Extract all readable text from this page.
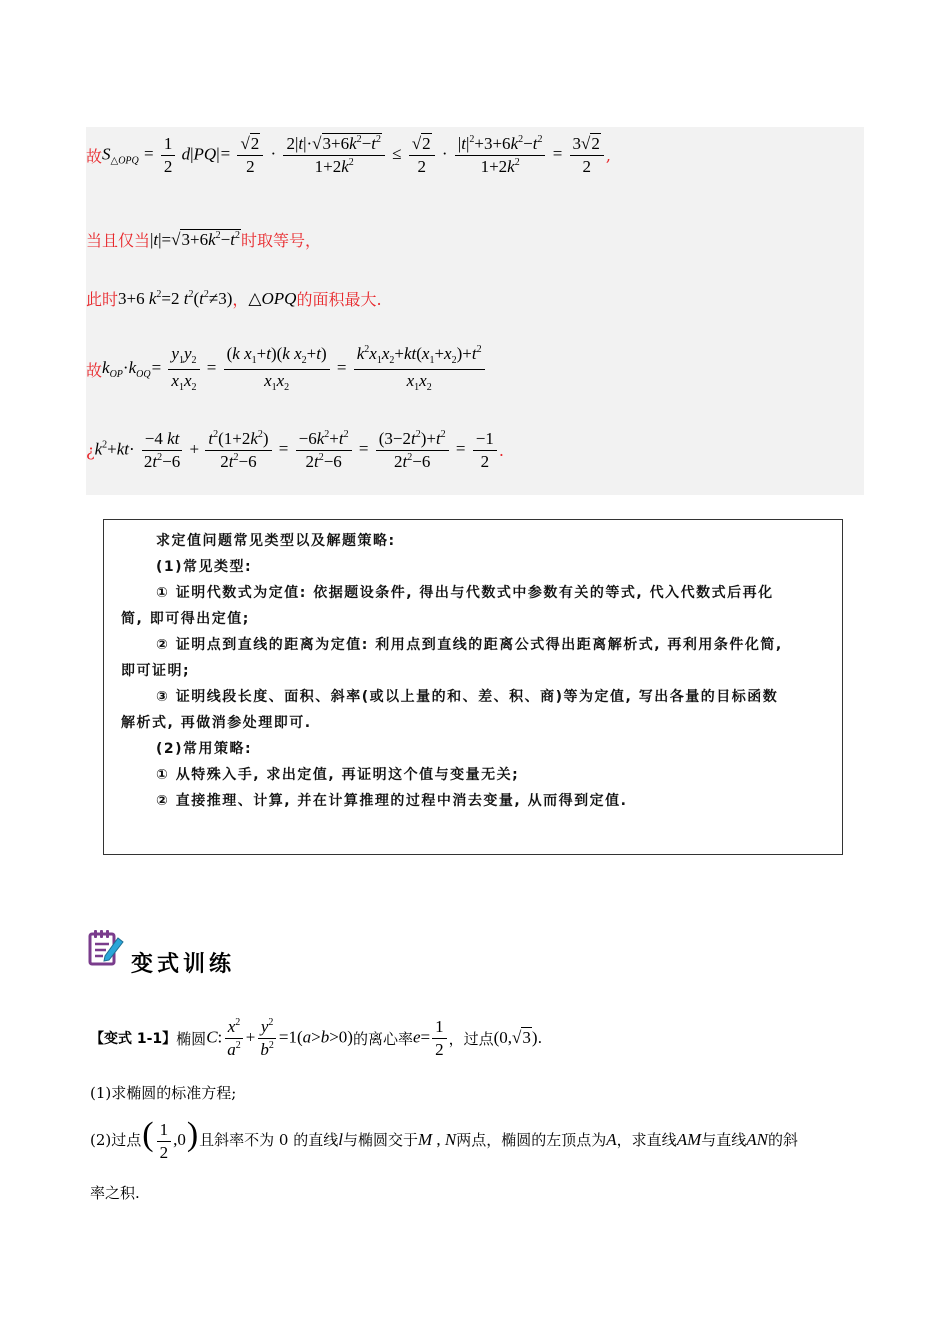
故 $S_{\triangle OPQ} = \frac{1}{2} d|PQ|= \frac{√2}{2} \cdot \frac{2|t|\cdot√3+6k^2-t^2}{1+2k^2} \le \frac{√2}{2} \cdot \frac{|t|^2+3+6k^2-t^2}{1+2k^2} = \frac{3√2}{2}$ ,
当且仅当 $|t|=√3+6k^2-t^2$ 时取等号，
此时 3+6 $k^2=2$ $t^2(t^2\ne 3)$ ， △OPQ 的面积最大.
故 $k_{OP}\cdot k_{OQ}= \frac{y_1y_2}{x_1x_2} = \frac{(k x_1+t)(k x_2+t)}{x_1x_2} = \frac{k^2x_1x_2+kt(x_1+x_2)+t^2}{x_1x_2}$
¿ $k^2+kt\cdot \frac{-4 kt}{2t^2-6} + \frac{t^2(1+2k^2)}{2t^2-6} = \frac{-6k^2+t^2}{2t^2-6} = \frac{(3-2t^2)+t^2}{2t^2-6} = \frac{-1}{2}$ .
求定值问题常见类型以及解题策略:
(1)常见类型:
① 证明代数式为定值: 依据题设条件, 得出与代数式中参数有关的等式, 代入代数式后再化
简, 即可得出定值;
② 证明点到直线的距离为定值: 利用点到直线的距离公式得出距离解析式, 再利用条件化简,
即可证明;
③ 证明线段长度、面积、斜率(或以上量的和、差、积、商)等为定值, 写出各量的目标函数
解析式, 再做消参处理即可.
(2)常用策略:
① 从特殊入手, 求出定值, 再证明这个值与变量无关;
② 直接推理、计算, 并在计算推理的过程中消去变量, 从而得到定值.
变式训练
【变式 1-1】 椭圆 C: $\frac{x^2}{a^2} + \frac{y^2}{b^2} =1(a>b>0)$ 的离心率 $e= \frac{1}{2}$ ，过点 (0,√3) .
(1)求椭圆的标准方程;
(2)过点 ( $\frac{1}{2} ,0$) 且斜率不为 0 的直线 l 与椭圆交于 M , N 两点，椭圆的左顶点为 A ，求直线 AM 与直线 AN 的斜
率之积.
